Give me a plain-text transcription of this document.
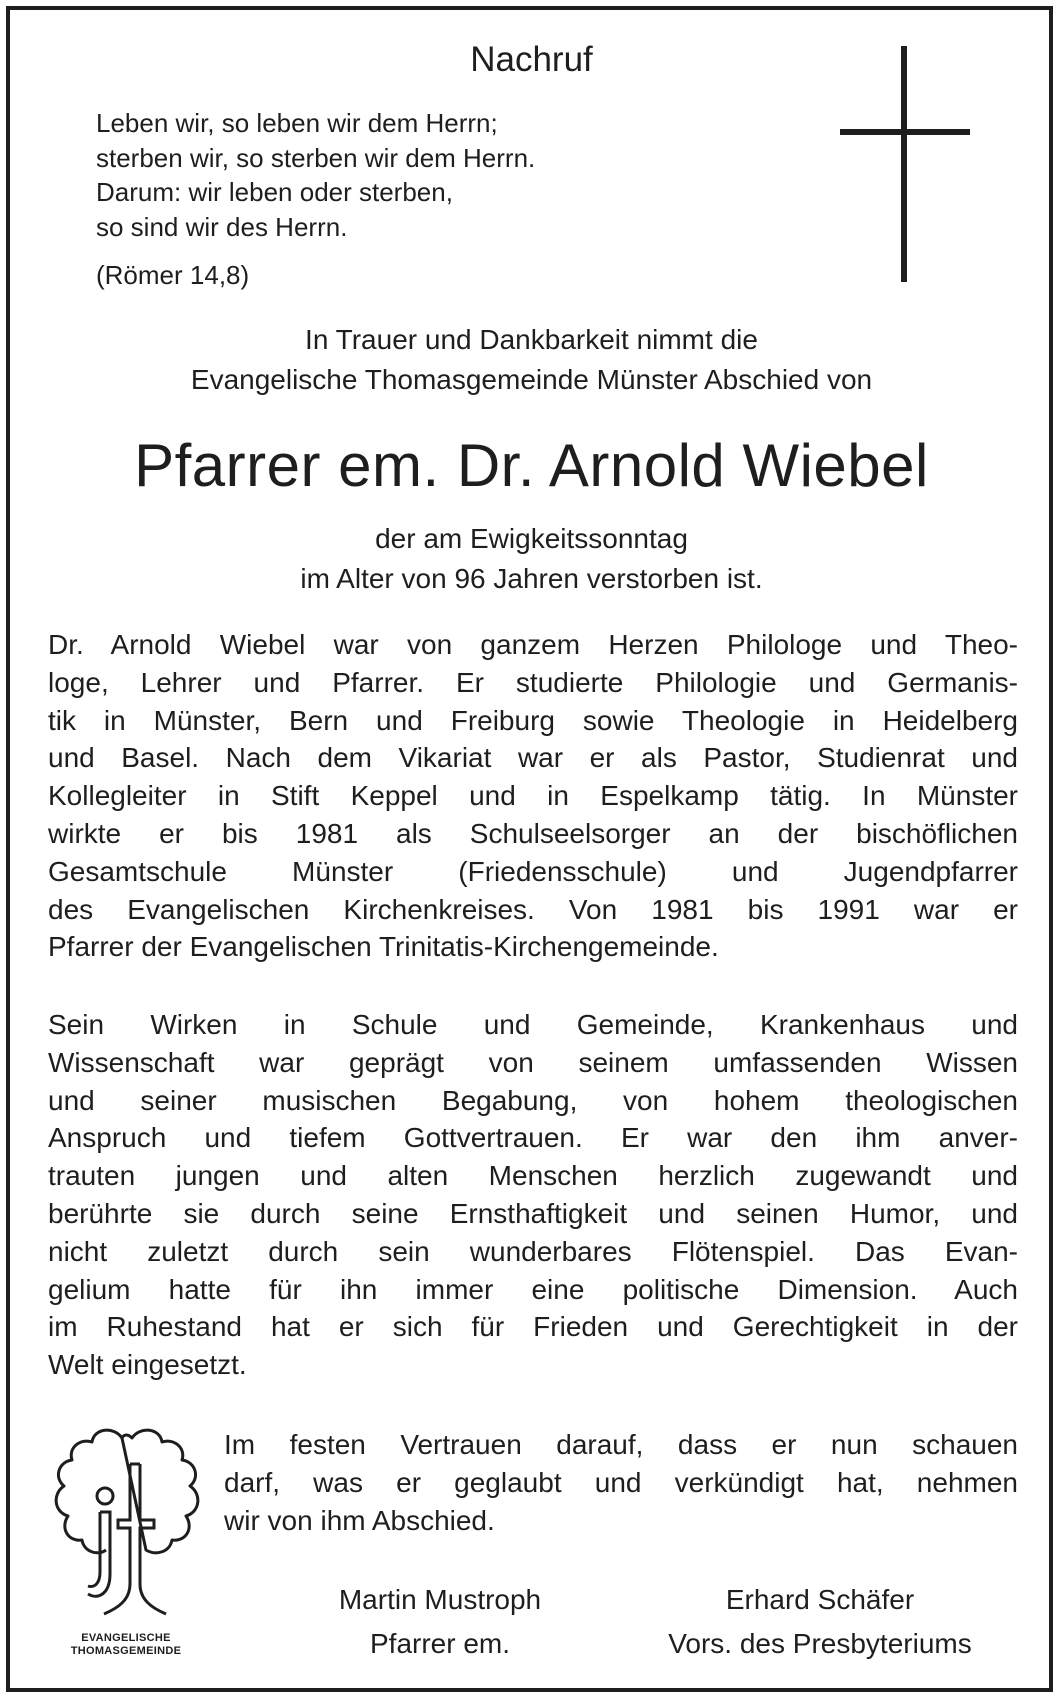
Nachruf
Leben wir, so leben wir dem Herrn;
sterben wir, so sterben wir dem Herrn.
Darum: wir leben oder sterben,
so sind wir des Herrn.
(Römer 14,8)
In Trauer und Dankbarkeit nimmt die
Evangelische Thomasgemeinde Münster Abschied von
Pfarrer em. Dr. Arnold Wiebel
der am Ewigkeitssonntag
im Alter von 96 Jahren verstorben ist.
Dr. Arnold Wiebel war von ganzem Herzen Philologe und Theo-
loge, Lehrer und Pfarrer. Er studierte Philologie und Germanis-
tik in Münster, Bern und Freiburg sowie Theologie in Heidelberg
und Basel. Nach dem Vikariat war er als Pastor, Studienrat und
Kollegleiter in Stift Keppel und in Espelkamp tätig. In Münster
wirkte er bis 1981 als Schulseelsorger an der bischöflichen
Gesamtschule Münster (Friedensschule) und Jugendpfarrer
des Evangelischen Kirchenkreises. Von 1981 bis 1991 war er
Pfarrer der Evangelischen Trinitatis-Kirchengemeinde.
Sein Wirken in Schule und Gemeinde, Krankenhaus und
Wissenschaft war geprägt von seinem umfassenden Wissen
und seiner musischen Begabung, von hohem theologischen
Anspruch und tiefem Gottvertrauen. Er war den ihm anver-
trauten jungen und alten Menschen herzlich zugewandt und
berührte sie durch seine Ernsthaftigkeit und seinen Humor, und
nicht zuletzt durch sein wunderbares Flötenspiel. Das Evan-
gelium hatte für ihn immer eine politische Dimension. Auch
im Ruhestand hat er sich für Frieden und Gerechtigkeit in der
Welt eingesetzt.
EVANGELISCHE
THOMASGEMEINDE
Im festen Vertrauen darauf, dass er nun schauen
darf, was er geglaubt und verkündigt hat, nehmen
wir von ihm Abschied.
Martin Mustroph
Pfarrer em.
Erhard Schäfer
Vors. des Presbyteriums
